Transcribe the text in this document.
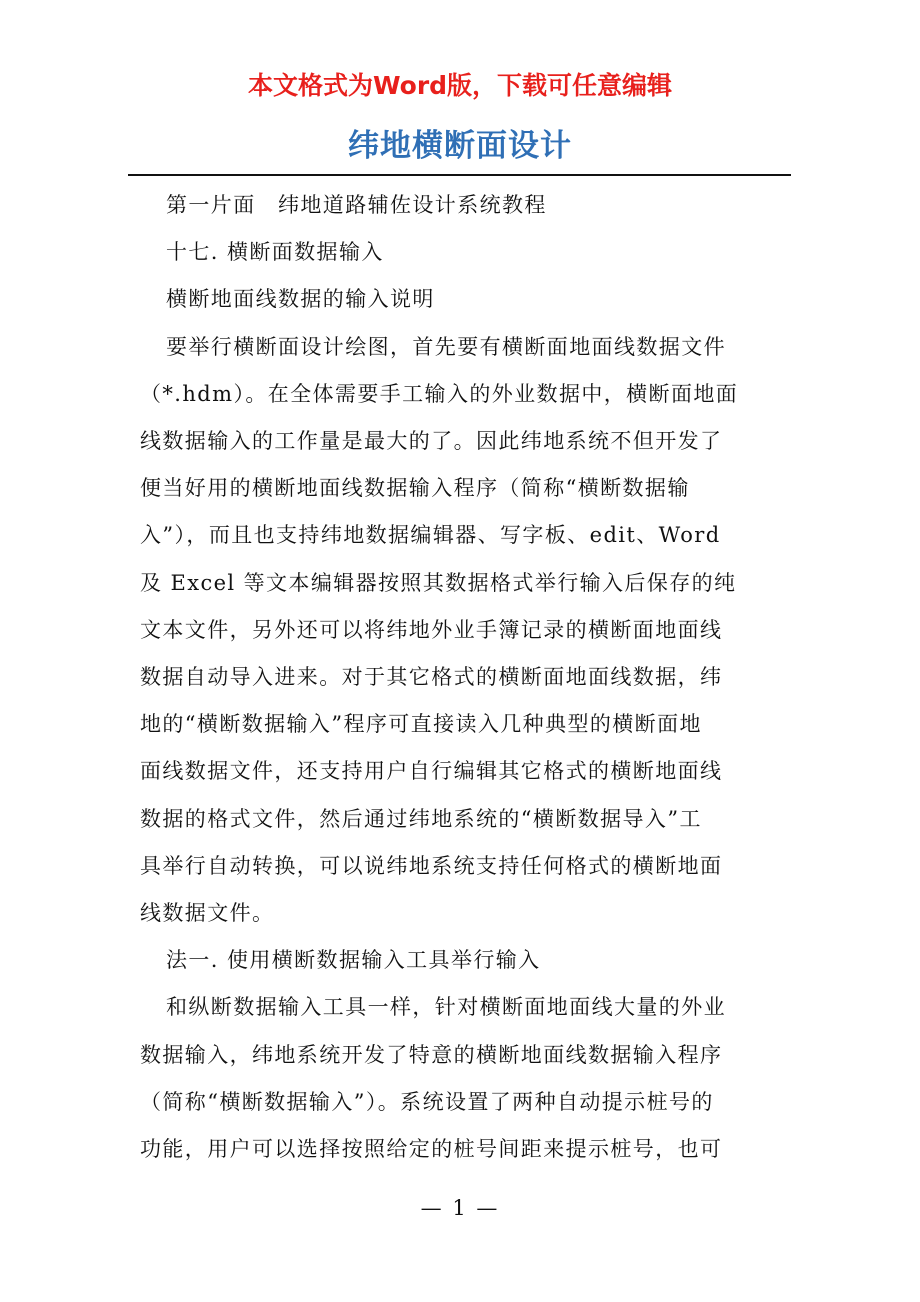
本文格式为Word版，下载可任意编辑
纬地横断面设计

第一片面　纬地道路辅佐设计系统教程

十七. 横断面数据输入

横断地面线数据的输入说明

要举行横断面设计绘图，首先要有横断面地面线数据文件

（*.hdm）。在全体需要手工输入的外业数据中，横断面地面

线数据输入的工作量是最大的了。因此纬地系统不但开发了

便当好用的横断地面线数据输入程序（简称“横断数据输

入”），而且也支持纬地数据编辑器、写字板、edit、Word

及 Excel 等文本编辑器按照其数据格式举行输入后保存的纯

文本文件，另外还可以将纬地外业手簿记录的横断面地面线

数据自动导入进来。对于其它格式的横断面地面线数据，纬

地的“横断数据输入”程序可直接读入几种典型的横断面地

面线数据文件，还支持用户自行编辑其它格式的横断地面线

数据的格式文件，然后通过纬地系统的“横断数据导入”工

具举行自动转换，可以说纬地系统支持任何格式的横断地面

线数据文件。

法一. 使用横断数据输入工具举行输入

和纵断数据输入工具一样，针对横断面地面线大量的外业

数据输入，纬地系统开发了特意的横断地面线数据输入程序

（简称“横断数据输入”）。系统设置了两种自动提示桩号的

功能，用户可以选择按照给定的桩号间距来提示桩号，也可

— 1 —
